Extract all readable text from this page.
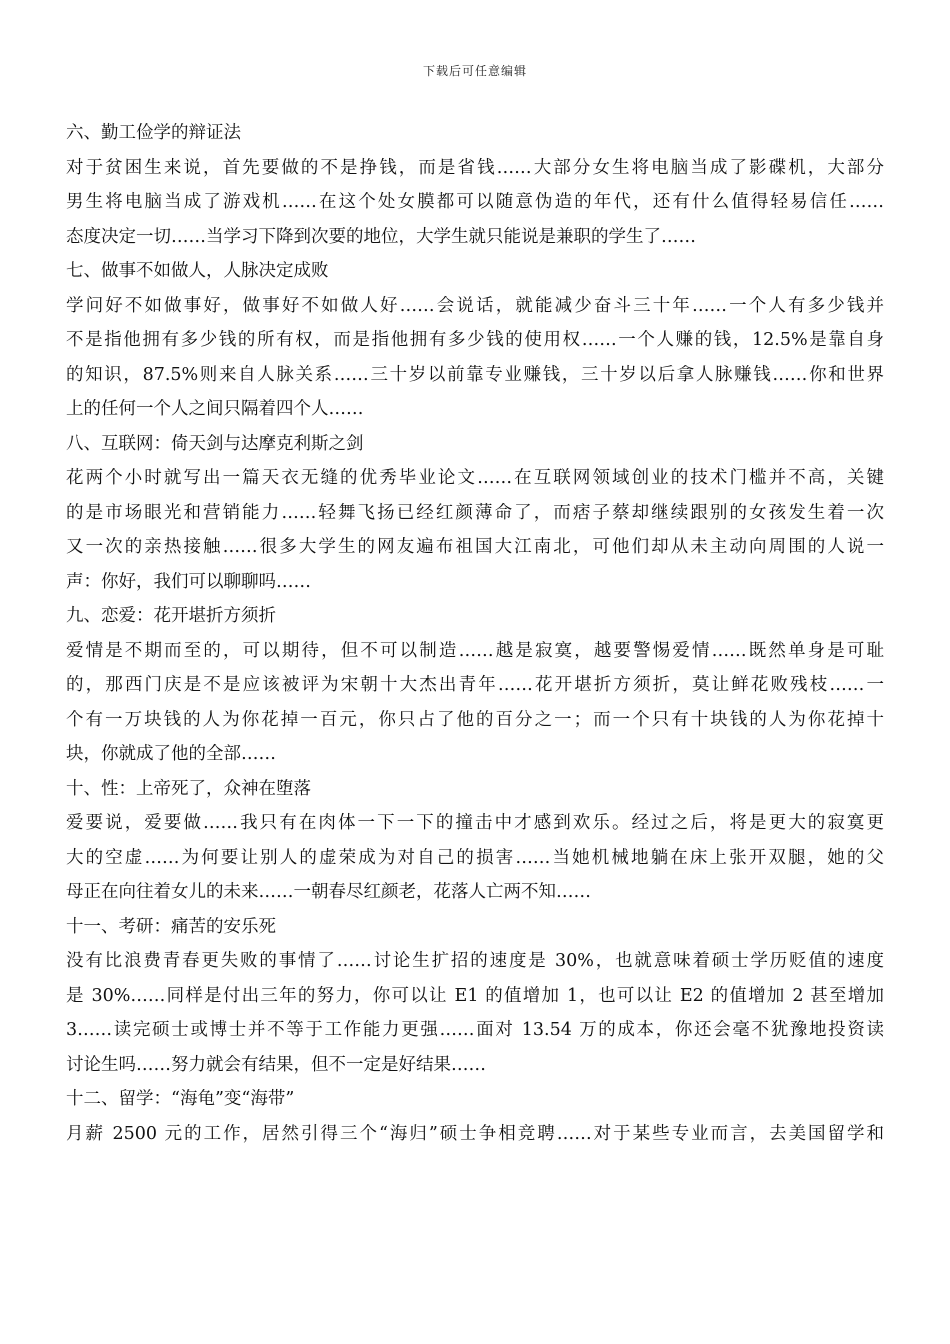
下载后可任意编辑
六、勤工俭学的辩证法
对于贫困生来说，首先要做的不是挣钱，而是省钱……大部分女生将电脑当成了影碟机，大部分
男生将电脑当成了游戏机……在这个处女膜都可以随意伪造的年代，还有什么值得轻易信任……
态度决定一切……当学习下降到次要的地位，大学生就只能说是兼职的学生了……
七、做事不如做人，人脉决定成败
学问好不如做事好，做事好不如做人好……会说话，就能减少奋斗三十年……一个人有多少钱并
不是指他拥有多少钱的所有权，而是指他拥有多少钱的使用权……一个人赚的钱，12.5%是靠自身
的知识，87.5%则来自人脉关系……三十岁以前靠专业赚钱，三十岁以后拿人脉赚钱……你和世界
上的任何一个人之间只隔着四个人……
八、互联网：倚天剑与达摩克利斯之剑
花两个小时就写出一篇天衣无缝的优秀毕业论文……在互联网领域创业的技术门槛并不高，关键
的是市场眼光和营销能力……轻舞飞扬已经红颜薄命了，而痞子蔡却继续跟别的女孩发生着一次
又一次的亲热接触……很多大学生的网友遍布祖国大江南北，可他们却从未主动向周围的人说一
声：你好，我们可以聊聊吗……
九、恋爱：花开堪折方须折
爱情是不期而至的，可以期待，但不可以制造……越是寂寞，越要警惕爱情……既然单身是可耻
的，那西门庆是不是应该被评为宋朝十大杰出青年……花开堪折方须折，莫让鲜花败残枝……一
个有一万块钱的人为你花掉一百元，你只占了他的百分之一；而一个只有十块钱的人为你花掉十
块，你就成了他的全部……
十、性：上帝死了，众神在堕落
爱要说，爱要做……我只有在肉体一下一下的撞击中才感到欢乐。经过之后，将是更大的寂寞更
大的空虚……为何要让别人的虚荣成为对自己的损害……当她机械地躺在床上张开双腿，她的父
母正在向往着女儿的未来……一朝春尽红颜老，花落人亡两不知……
十一、考研：痛苦的安乐死
没有比浪费青春更失败的事情了……讨论生扩招的速度是 30%，也就意味着硕士学历贬值的速度
是 30%……同样是付出三年的努力，你可以让 E1 的值增加 1，也可以让 E2 的值增加 2 甚至增加
3……读完硕士或博士并不等于工作能力更强……面对 13.54 万的成本，你还会毫不犹豫地投资读
讨论生吗……努力就会有结果，但不一定是好结果……
十二、留学：“海龟”变“海带”
月薪 2500 元的工作，居然引得三个“海归”硕士争相竞聘……对于某些专业而言，去美国留学和
